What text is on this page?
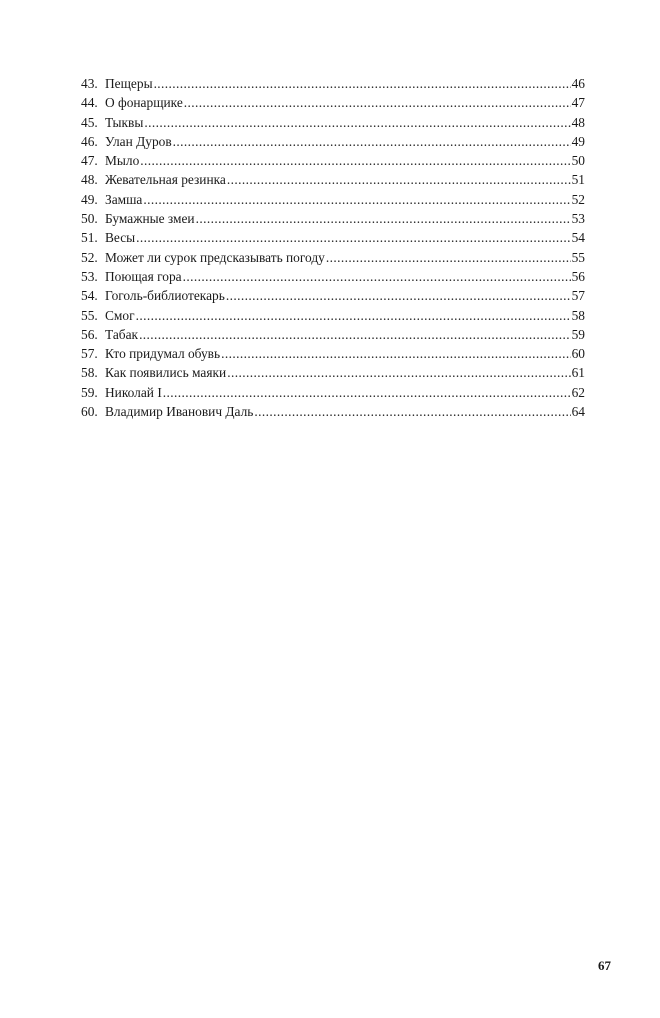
43. Пещеры .....	46
44. О фонарщике .....	47
45. Тыквы .....	48
46. Улан Дуров .....	49
47. Мыло .....	50
48. Жевательная резинка .....	51
49. Замша .....	52
50. Бумажные змеи .....	53
51. Весы .....	54
52. Может ли сурок предсказывать погоду .....	55
53. Поющая гора .....	56
54. Гоголь-библиотекарь .....	57
55. Смог .....	58
56. Табак .....	59
57. Кто придумал обувь .....	60
58. Как появились маяки .....	61
59. Николай I .....	62
60. Владимир Иванович Даль .....	64
67
